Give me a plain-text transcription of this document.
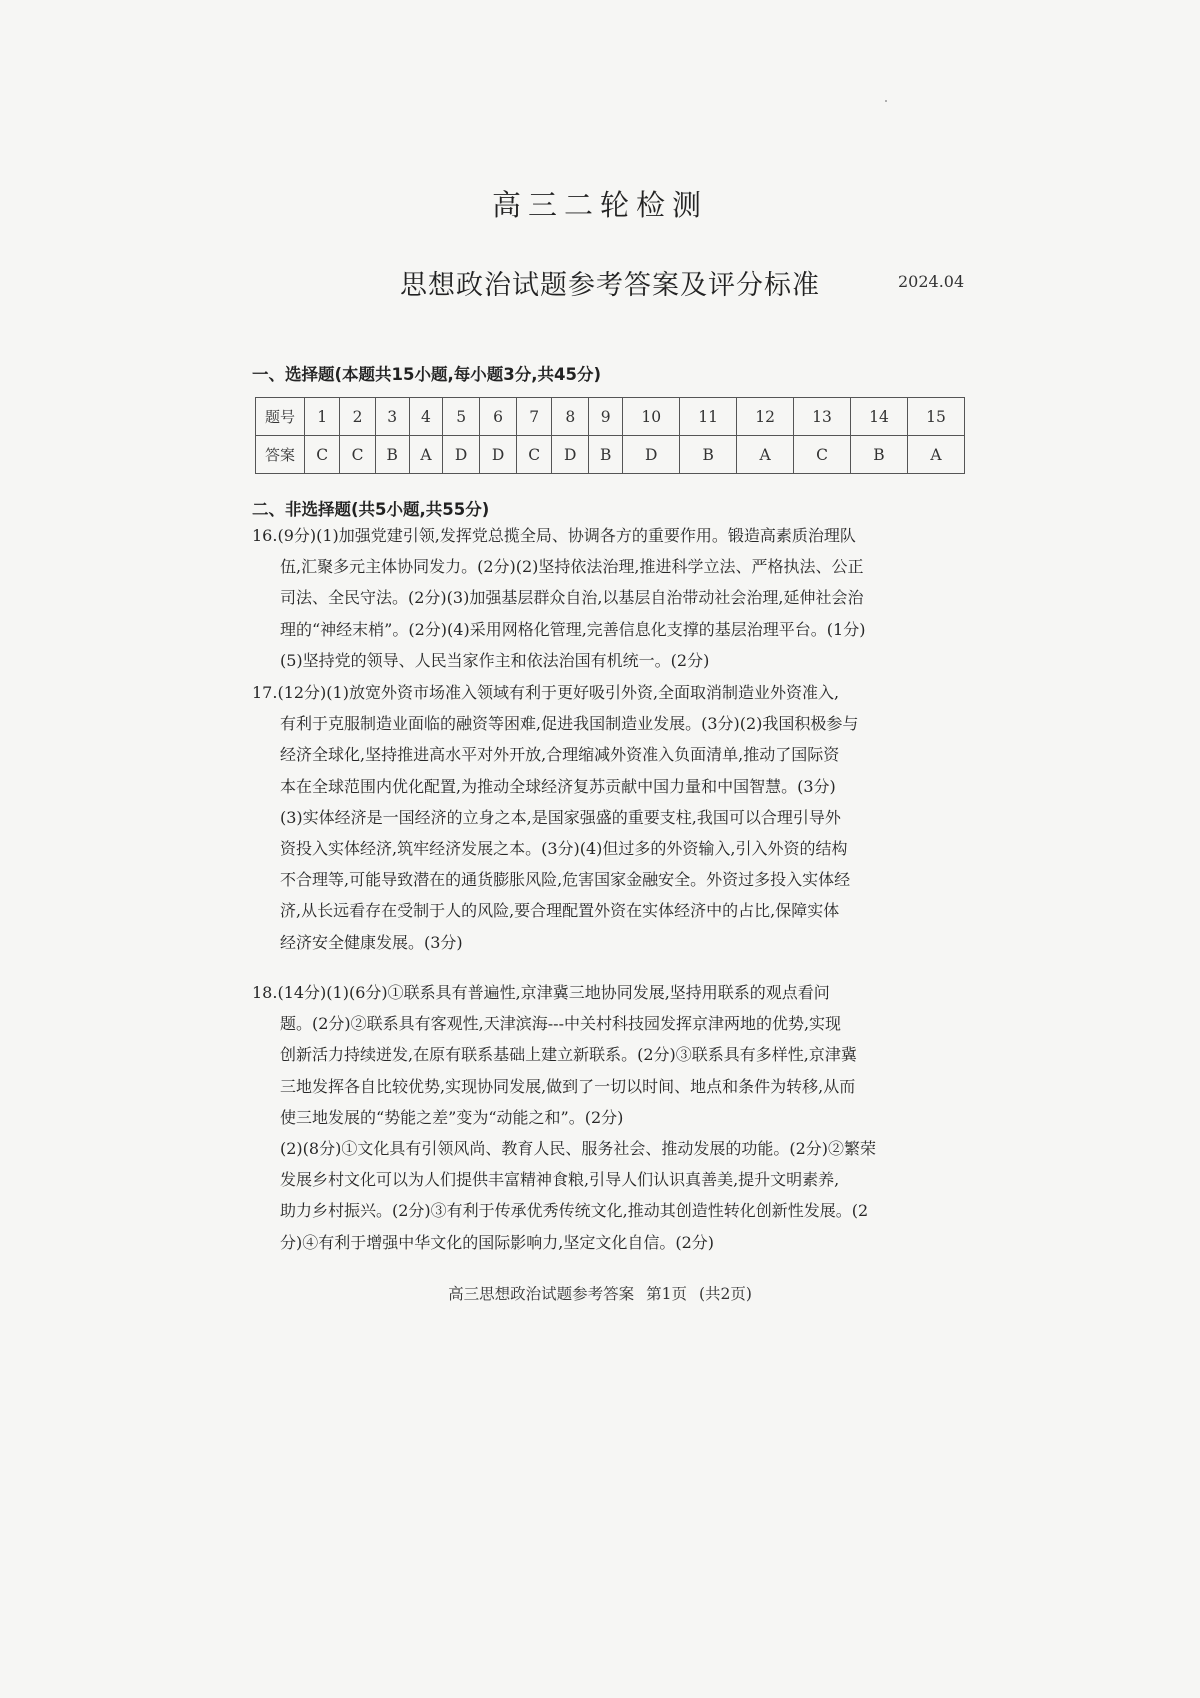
高三二轮检测
思想政治试题参考答案及评分标准	2024.04
一、选择题(本题共15小题,每小题3分,共45分)
题号	1	2	3	4	5	6	7	8	9	10	11	12	13	14	15
答案	C	C	B	A	D	D	C	D	B	D	B	A	C	B	A
二、非选择题(共5小题,共55分)

16.(9分)(1)加强党建引领,发挥党总揽全局、协调各方的重要作用。锻造高素质治理队

伍,汇聚多元主体协同发力。(2分)(2)坚持依法治理,推进科学立法、严格执法、公正

司法、全民守法。(2分)(3)加强基层群众自治,以基层自治带动社会治理,延伸社会治

理的“神经末梢”。(2分)(4)采用网格化管理,完善信息化支撑的基层治理平台。(1分)

(5)坚持党的领导、人民当家作主和依法治国有机统一。(2分)

17.(12分)(1)放宽外资市场准入领域有利于更好吸引外资,全面取消制造业外资准入,

有利于克服制造业面临的融资等困难,促进我国制造业发展。(3分)(2)我国积极参与

经济全球化,坚持推进高水平对外开放,合理缩减外资准入负面清单,推动了国际资

本在全球范围内优化配置,为推动全球经济复苏贡献中国力量和中国智慧。(3分)

(3)实体经济是一国经济的立身之本,是国家强盛的重要支柱,我国可以合理引导外

资投入实体经济,筑牢经济发展之本。(3分)(4)但过多的外资输入,引入外资的结构

不合理等,可能导致潜在的通货膨胀风险,危害国家金融安全。外资过多投入实体经

济,从长远看存在受制于人的风险,要合理配置外资在实体经济中的占比,保障实体

经济安全健康发展。(3分)

18.(14分)(1)(6分)①联系具有普遍性,京津冀三地协同发展,坚持用联系的观点看问

题。(2分)②联系具有客观性,天津滨海---中关村科技园发挥京津两地的优势,实现

创新活力持续迸发,在原有联系基础上建立新联系。(2分)③联系具有多样性,京津冀

三地发挥各自比较优势,实现协同发展,做到了一切以时间、地点和条件为转移,从而

使三地发展的“势能之差”变为“动能之和”。(2分)

(2)(8分)①文化具有引领风尚、教育人民、服务社会、推动发展的功能。(2分)②繁荣

发展乡村文化可以为人们提供丰富精神食粮,引导人们认识真善美,提升文明素养,

助力乡村振兴。(2分)③有利于传承优秀传统文化,推动其创造性转化创新性发展。(2

分)④有利于增强中华文化的国际影响力,坚定文化自信。(2分)

高三思想政治试题参考答案 第1页 (共2页)
